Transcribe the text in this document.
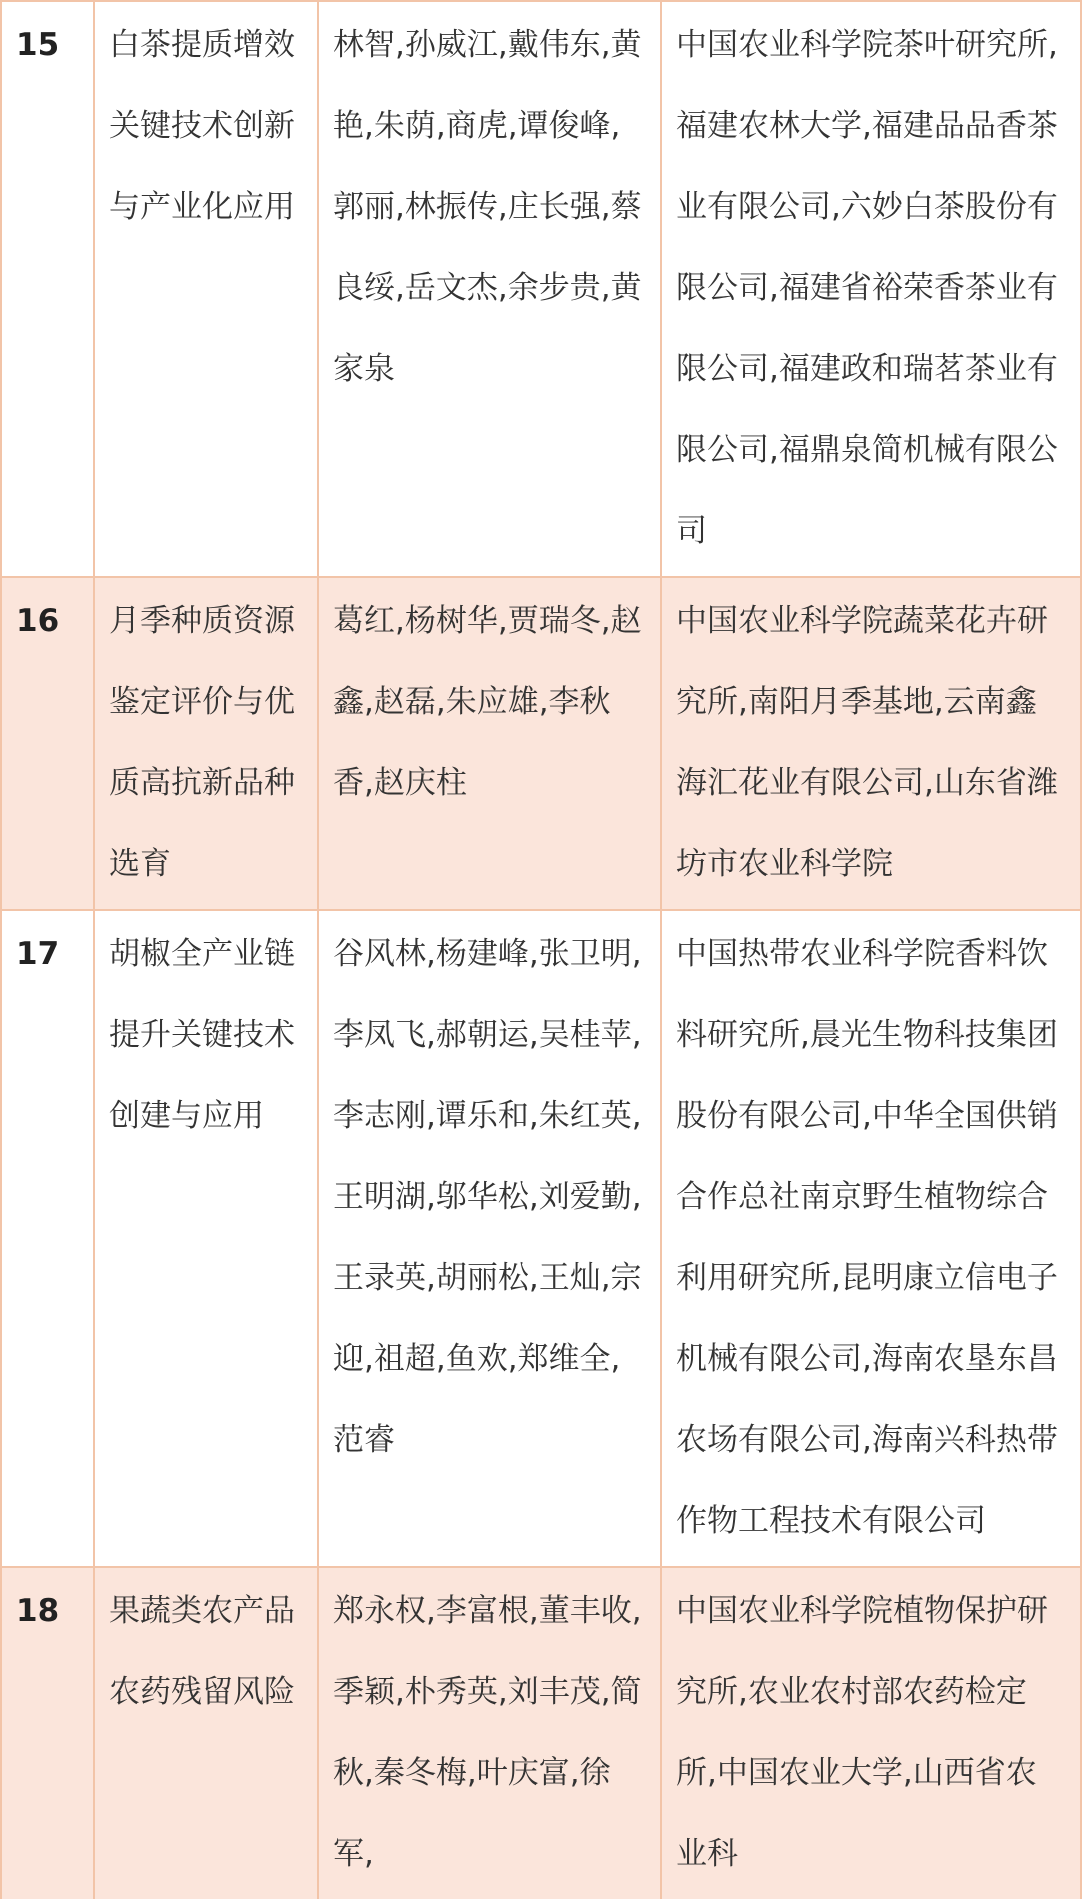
15	白茶提质增效关键技术创新与产业化应用	林智,孙威江,戴伟东,黄艳,朱荫,商虎,谭俊峰,郭丽,林振传,庄长强,蔡良绥,岳文杰,余步贵,黄家泉	中国农业科学院茶叶研究所,福建农林大学,福建品品香茶业有限公司,六妙白茶股份有限公司,福建省裕荣香茶业有限公司,福建政和瑞茗茶业有限公司,福鼎泉简机械有限公司
16	月季种质资源鉴定评价与优质高抗新品种选育	葛红,杨树华,贾瑞冬,赵鑫,赵磊,朱应雄,李秋香,赵庆柱	中国农业科学院蔬菜花卉研究所,南阳月季基地,云南鑫海汇花业有限公司,山东省潍坊市农业科学院
17	胡椒全产业链提升关键技术创建与应用	谷风林,杨建峰,张卫明,李凤飞,郝朝运,吴桂苹,李志刚,谭乐和,朱红英,王明湖,邬华松,刘爱勤,王录英,胡丽松,王灿,宗迎,祖超,鱼欢,郑维全,范睿	中国热带农业科学院香料饮料研究所,晨光生物科技集团股份有限公司,中华全国供销合作总社南京野生植物综合利用研究所,昆明康立信电子机械有限公司,海南农垦东昌农场有限公司,海南兴科热带作物工程技术有限公司
18	果蔬类农产品农药残留风险	郑永权,李富根,董丰收,季颖,朴秀英,刘丰茂,简秋,秦冬梅,叶庆富,徐军,	中国农业科学院植物保护研究所,农业农村部农药检定所,中国农业大学,山西省农业科
